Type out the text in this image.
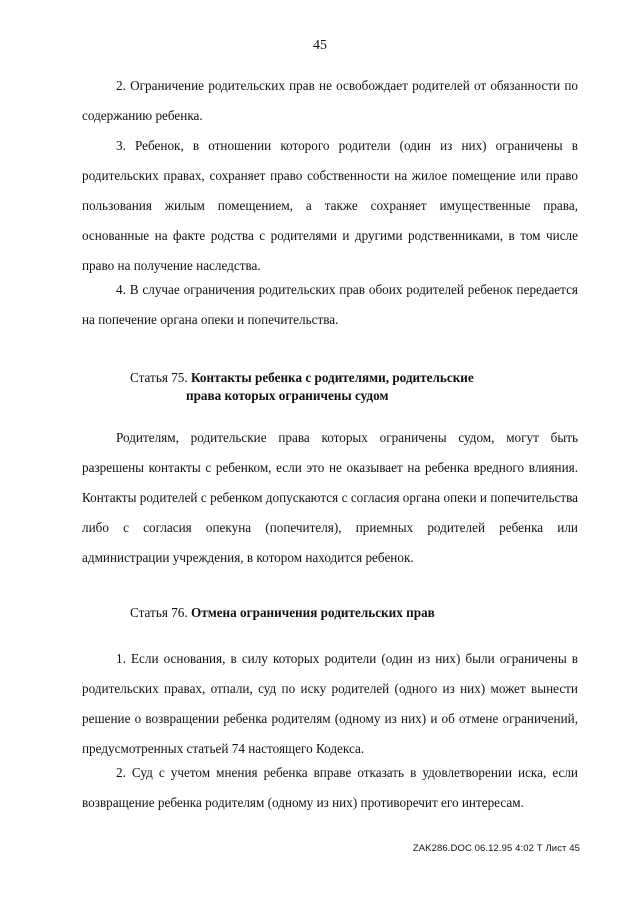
45

2. Ограничение родительских прав не освобождает родителей от обязанности по содержанию ребенка.

3. Ребенок, в отношении которого родители (один из них) ограничены в родительских правах, сохраняет право собственности на жилое помещение или право пользования жилым помещением, а также сохраняет имущественные права, основанные на факте родства с родителями и другими родственниками, в том числе право на получение наследства.

4. В случае ограничения родительских прав обоих родителей ребенок передается на попечение органа опеки и попечительства.

Статья 75. Контакты ребенка с родителями, родительские
права которых ограничены судом

Родителям, родительские права которых ограничены судом, могут быть разрешены контакты с ребенком, если это не оказывает на ребенка вредного влияния. Контакты родителей с ребенком допускаются с согласия органа опеки и попечительства либо с согласия опекуна (попечителя), приемных родителей ребенка или администрации учреждения, в котором находится ребенок.

Статья 76. Отмена ограничения родительских прав

1. Если основания, в силу которых родители (один из них) были ограничены в родительских правах, отпали, суд по иску родителей (одного из них) может вынести решение о возвращении ребенка родителям (одному из них) и об отмене ограничений, предусмотренных статьей 74 настоящего Кодекса.

2. Суд с учетом мнения ребенка вправе отказать в удовлетворении иска, если возвращение ребенка родителям (одному из них) противоречит его интересам.

ZAK286.DOC 06.12.95 4:02 Т Лист 45
